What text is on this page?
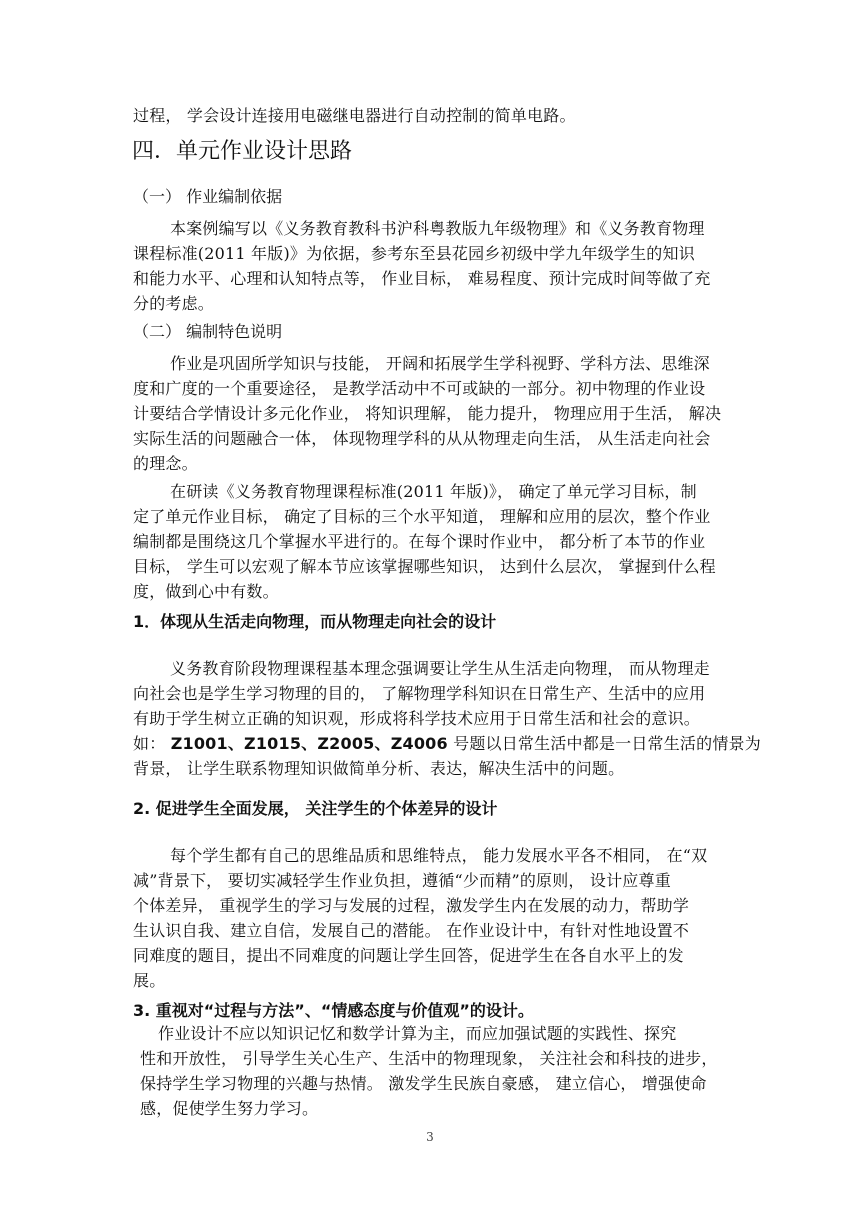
过程， 学会设计连接用电磁继电器进行自动控制的简单电路。
四．单元作业设计思路
（一） 作业编制依据
本案例编写以《义务教育教科书沪科粤教版九年级物理》和《义务教育物理
课程标准(2011 年版)》为依据，参考东至县花园乡初级中学九年级学生的知识
和能力水平、心理和认知特点等， 作业目标， 难易程度、预计完成时间等做了充
分的考虑。
（二） 编制特色说明
作业是巩固所学知识与技能， 开阔和拓展学生学科视野、学科方法、思维深
度和广度的一个重要途径， 是教学活动中不可或缺的一部分。初中物理的作业设
计要结合学情设计多元化作业， 将知识理解， 能力提升， 物理应用于生活， 解决
实际生活的问题融合一体， 体现物理学科的从从物理走向生活， 从生活走向社会
的理念。
在研读《义务教育物理课程标准(2011 年版)》， 确定了单元学习目标，制
定了单元作业目标， 确定了目标的三个水平知道， 理解和应用的层次，整个作业
编制都是围绕这几个掌握水平进行的。在每个课时作业中， 都分析了本节的作业
目标， 学生可以宏观了解本节应该掌握哪些知识， 达到什么层次， 掌握到什么程
度，做到心中有数。
1．体现从生活走向物理，而从物理走向社会的设计
义务教育阶段物理课程基本理念强调要让学生从生活走向物理， 而从物理走
向社会也是学生学习物理的目的， 了解物理学科知识在日常生产、生活中的应用
有助于学生树立正确的知识观，形成将科学技术应用于日常生活和社会的意识。
如： Z1001、Z1015、Z2005、Z4006 号题以日常生活中都是一日常生活的情景为
背景， 让学生联系物理知识做简单分析、表达，解决生活中的问题。
2. 促进学生全面发展， 关注学生的个体差异的设计
每个学生都有自己的思维品质和思维特点， 能力发展水平各不相同， 在“双
减”背景下， 要切实减轻学生作业负担，遵循“少而精”的原则， 设计应尊重
个体差异， 重视学生的学习与发展的过程，激发学生内在发展的动力，帮助学
生认识自我、建立自信，发展自己的潜能。 在作业设计中，有针对性地设置不
同难度的题目，提出不同难度的问题让学生回答，促进学生在各自水平上的发
展。
3. 重视对“过程与方法”、“情感态度与价值观”的设计。
作业设计不应以知识记忆和数学计算为主，而应加强试题的实践性、探究
性和开放性， 引导学生关心生产、生活中的物理现象， 关注社会和科技的进步，
保持学生学习物理的兴趣与热情。 激发学生民族自豪感， 建立信心， 增强使命
感，促使学生努力学习。
3
